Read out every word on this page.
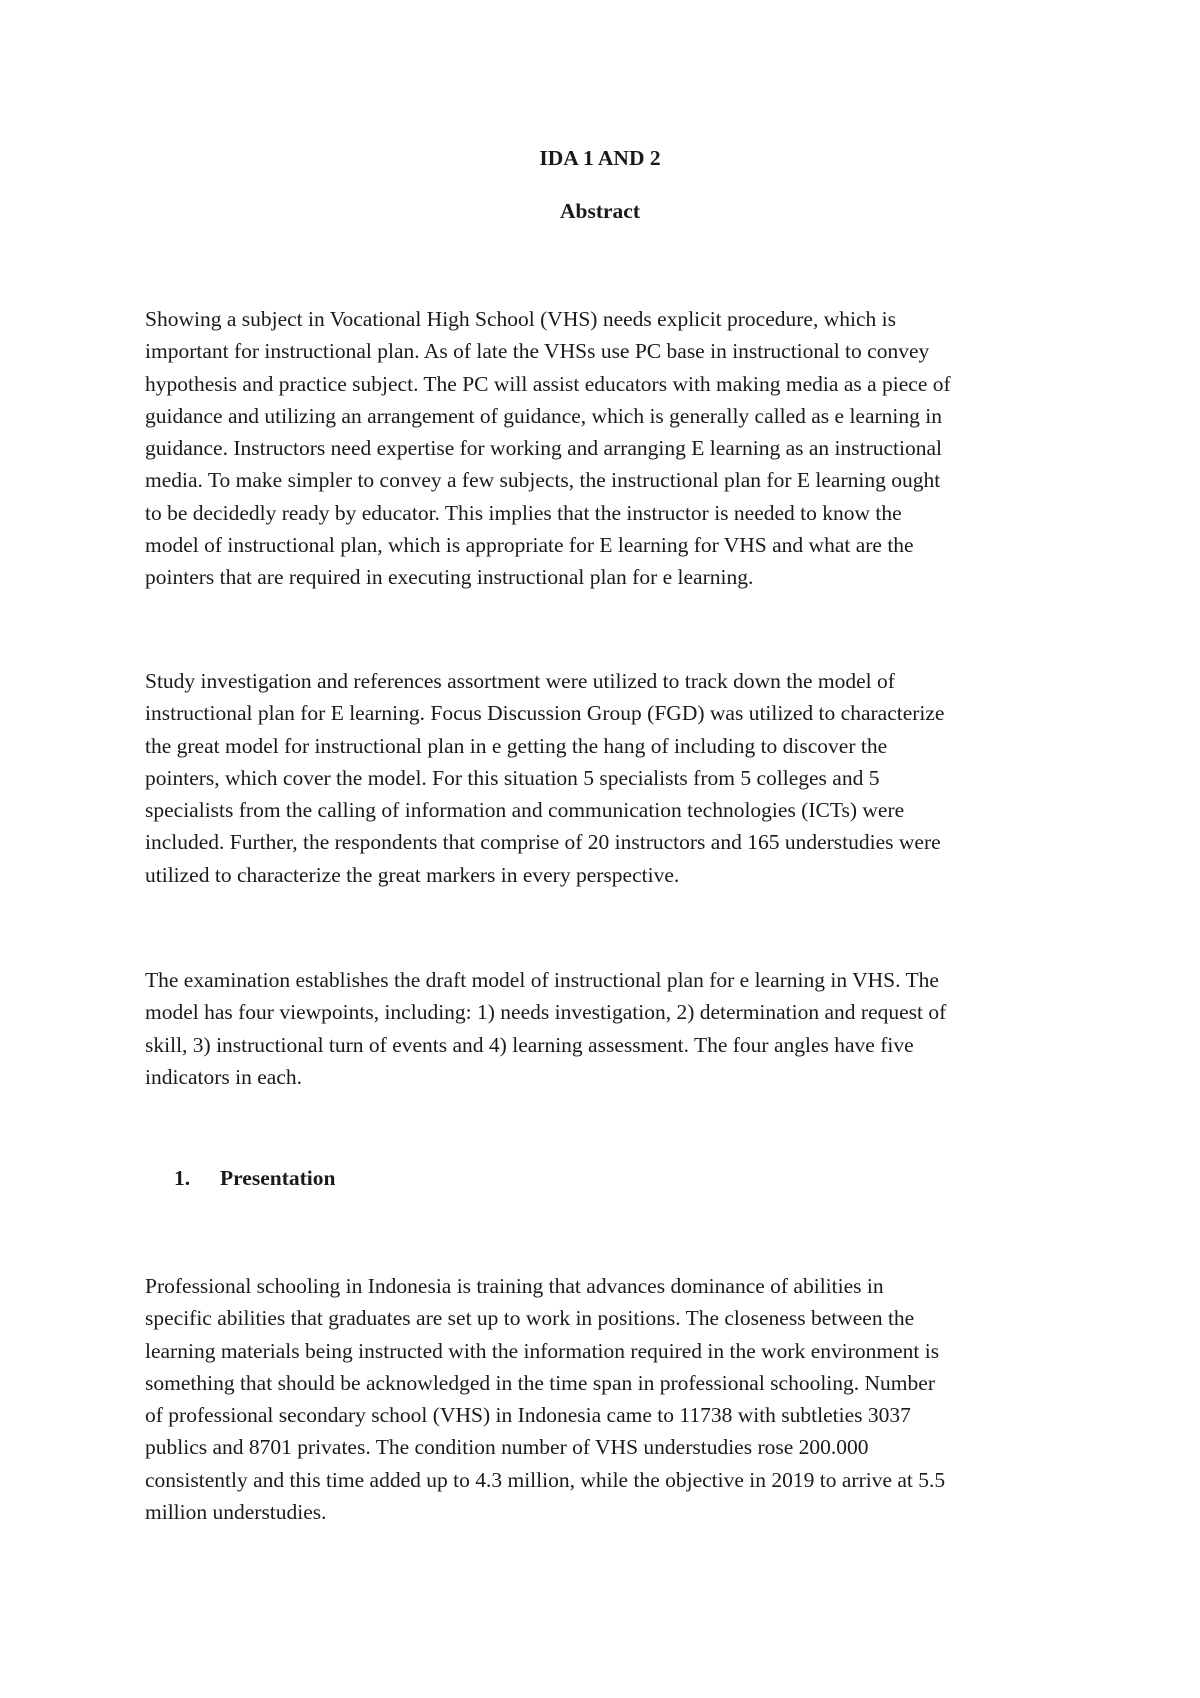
IDA 1 AND 2
Abstract
Showing a subject in Vocational High School (VHS) needs explicit procedure, which is
important for instructional plan. As of late the VHSs use PC base in instructional to convey
hypothesis and practice subject. The PC will assist educators with making media as a piece of
guidance and utilizing an arrangement of guidance, which is generally called as e learning in
guidance. Instructors need expertise for working and arranging E learning as an instructional
media. To make simpler to convey a few subjects, the instructional plan for E learning ought
to be decidedly ready by educator. This implies that the instructor is needed to know the
model of instructional plan, which is appropriate for E learning for VHS and what are the
pointers that are required in executing instructional plan for e learning.
Study investigation and references assortment were utilized to track down the model of
instructional plan for E learning. Focus Discussion Group (FGD) was utilized to characterize
the great model for instructional plan in e getting the hang of including to discover the
pointers, which cover the model. For this situation 5 specialists from 5 colleges and 5
specialists from the calling of information and communication technologies (ICTs) were
included. Further, the respondents that comprise of 20 instructors and 165 understudies were
utilized to characterize the great markers in every perspective.
The examination establishes the draft model of instructional plan for e learning in VHS. The
model has four viewpoints, including: 1) needs investigation, 2) determination and request of
skill, 3) instructional turn of events and 4) learning assessment. The four angles have five
indicators in each.
1. Presentation
Professional schooling in Indonesia is training that advances dominance of abilities in
specific abilities that graduates are set up to work in positions. The closeness between the
learning materials being instructed with the information required in the work environment is
something that should be acknowledged in the time span in professional schooling. Number
of professional secondary school (VHS) in Indonesia came to 11738 with subtleties 3037
publics and 8701 privates. The condition number of VHS understudies rose 200.000
consistently and this time added up to 4.3 million, while the objective in 2019 to arrive at 5.5
million understudies.
